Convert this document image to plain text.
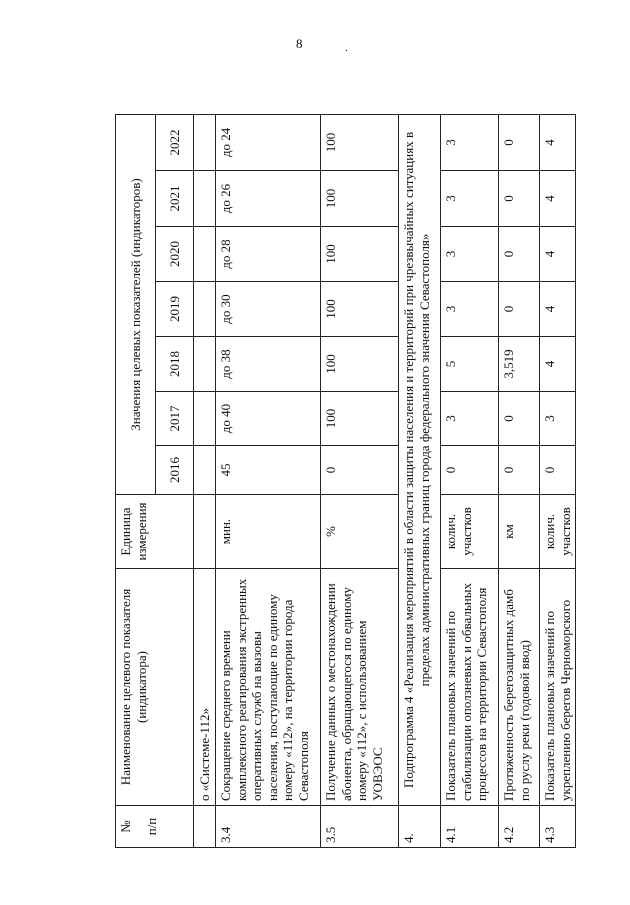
8	.
№ п/п	Наименование целевого показателя (индикатора)	Единица измерения	Значения целевых показателей (индикаторов)						
			2016	2017	2018	2019	2020	2021	2022
	о «Системе-112»								
3.4	Сокращение среднего времени комплексного реагирования экстренных оперативных служб на вызовы населения, поступающие по единому номеру «112», на территории города Севастополя	мин.	45	до 40	до 38	до 30	до 28	до 26	до 24
3.5	Получение данных о местонахождении абонента, обращающегося по единому номеру «112», с использованием УОВЭОС	%	0	100	100	100	100	100	100
4.	Подпрограмма 4 «Реализация мероприятий в области защиты населения и территорий при чрезвычайных ситуациях в пределах административных границ города федерального значения Севастополя»								
4.1	Показатель плановых значений по стабилизации оползневых и обвальных процессов на территории Севастополя	колич. участков	0	3	5	3	3	3	3
4.2	Протяженность берегозащитных дамб по руслу реки (годовой ввод)	км	0	0	3,519	0	0	0	0
4.3	Показатель плановых значений по укреплению берегов Черноморского	колич. участков	0	3	4	4	4	4	4
